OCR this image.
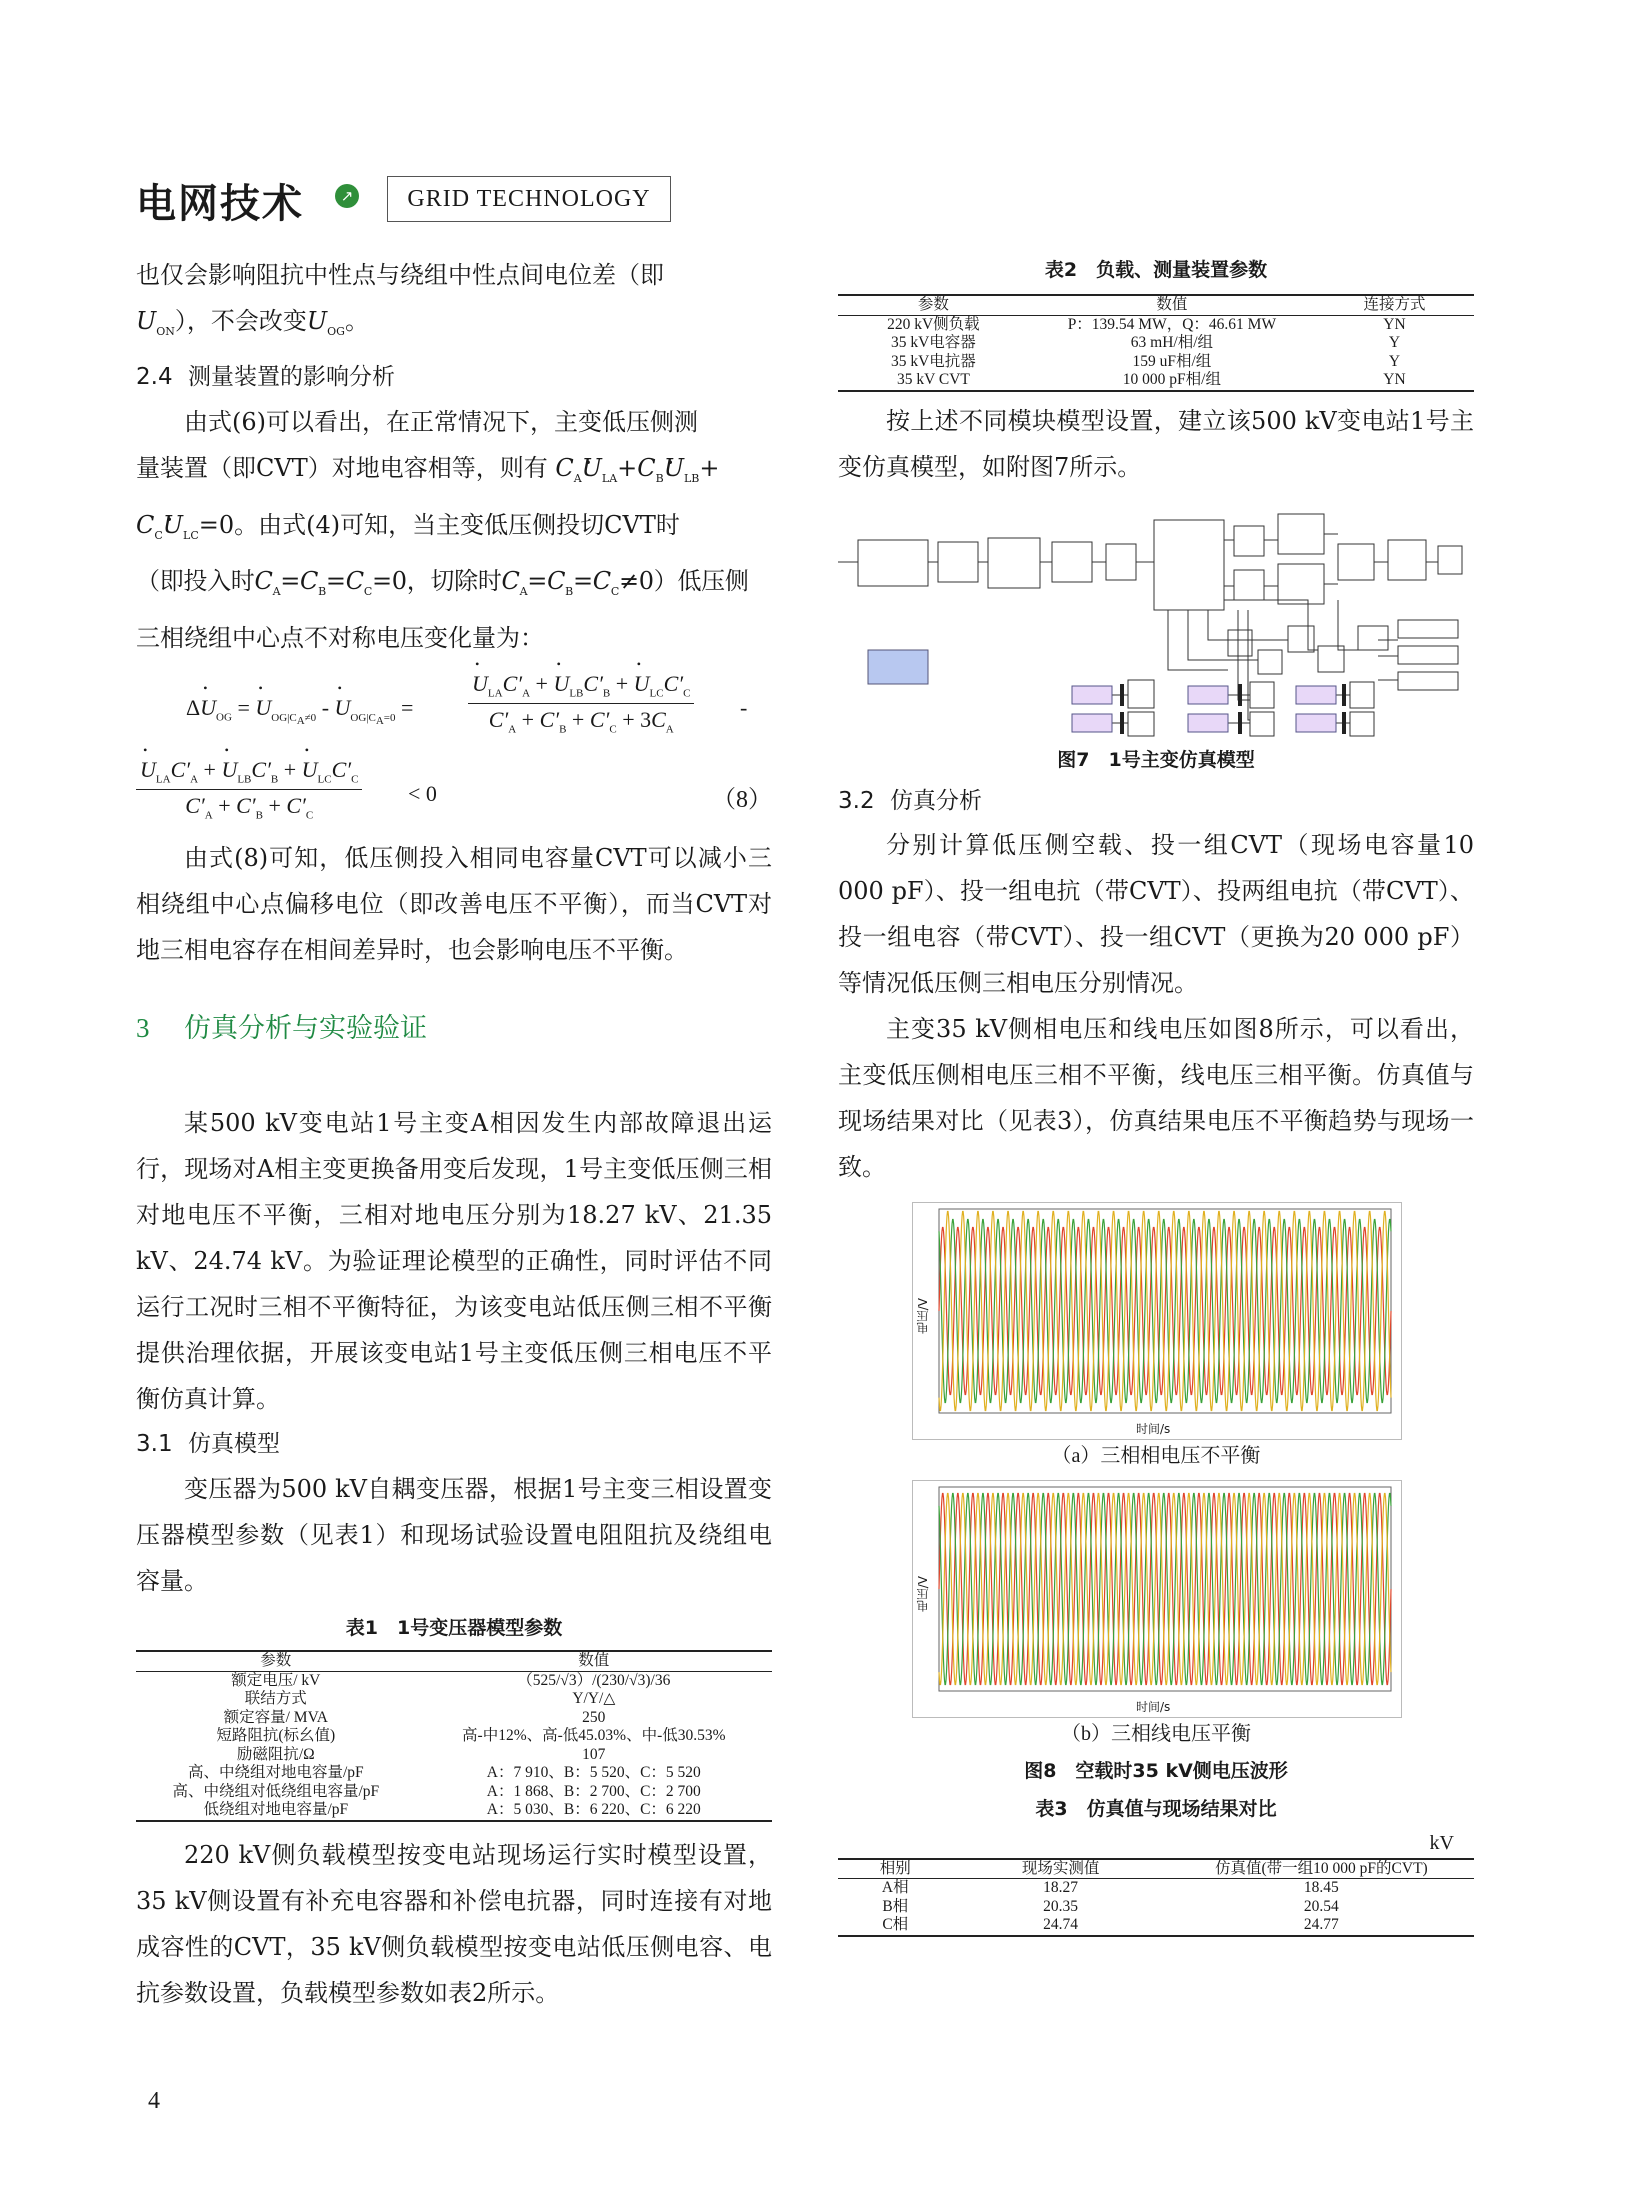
电网技术	↗	GRID TECHNOLOGY

也仅会影响阻抗中性点与绕组中性点间电位差（即

$U_{ON}$），不会改变$U_{OG}$。

2.4 测量装置的影响分析

由式(6)可以看出，在正常情况下，主变低压侧测

量装置（即CVT）对地电容相等，则有 $C_A•$ $U_{LA}+C_B•$ $U_{LB}+$

$C_C•$ $U_{LC}=0$。由式(4)可知，当主变低压侧投切CVT时

（即投入时$C_A=C_B=C_C=0$，切除时$C_A=C_B=C_C\ne 0$）低压侧

三相绕组中心点不对称电压变化量为：

Δ• $U_{OG}$ = • $U_{OG|C_A\ne 0}$ - • $U_{OG|C_A=0}$ =
• $U_{LA}C'_A$ + • $U_{LB}C'_B$ + • $U_{LC}C'_C$
$C'_A + C'_B + C'_C + 3C_A$
-
• $U_{LA}C'_A$ + • $U_{LB}C'_B$ + • $U_{LC}C'_C$
$C'_A + C'_B + C'_C$
< 0	（8）

由式(8)可知，低压侧投入相同电容量CVT可以减小三相绕组中心点偏移电位（即改善电压不平衡），而当CVT对地三相电容存在相间差异时，也会影响电压不平衡。

3 仿真分析与实验验证

某500 kV变电站1号主变A相因发生内部故障退出运行，现场对A相主变更换备用变后发现，1号主变低压侧三相对地电压不平衡，三相对地电压分别为18.27 kV、21.35 kV、24.74 kV。为验证理论模型的正确性，同时评估不同运行工况时三相不平衡特征，为该变电站低压侧三相不平衡提供治理依据，开展该变电站1号主变低压侧三相电压不平衡仿真计算。

3.1 仿真模型

变压器为500 kV自耦变压器，根据1号主变三相设置变压器模型参数（见表1）和现场试验设置电阻阻抗及绕组电容量。

表1　1号变压器模型参数
参数	数值
额定电压/ kV	（525/√3）/(230/√3)/36
联结方式	Y/Y/△
额定容量/ MVA	250
短路阻抗(标幺值)	高-中12%、高-低45.03%、中-低30.53%
励磁阻抗/Ω	107
高、中绕组对地电容量/pF	A：7 910、B：5 520、C：5 520
高、中绕组对低绕组电容量/pF	A：1 868、B：2 700、C：2 700
低绕组对地电容量/pF	A：5 030、B：6 220、C：6 220

220 kV侧负载模型按变电站现场运行实时模型设置，35 kV侧设置有补充电容器和补偿电抗器，同时连接有对地成容性的CVT，35 kV侧负载模型按变电站低压侧电容、电抗参数设置，负载模型参数如表2所示。

表2　负载、测量装置参数
参数	数值	连接方式
220 kV侧负载	P：139.54 MW，Q：46.61 MW	YN
35 kV电容器	63 mH/相/组	Y
35 kV电抗器	159 uF相/组	Y
35 kV CVT	10 000 pF相/组	YN

按上述不同模块模型设置，建立该500 kV变电站1号主变仿真模型，如附图7所示。

图7　1号主变仿真模型
3.2 仿真分析

分别计算低压侧空载、投一组CVT（现场电容量10 000 pF）、投一组电抗（带CVT）、投两组电抗（带CVT）、投一组电容（带CVT）、投一组CVT（更换为20 000 pF）等情况低压侧三相电压分别情况。

主变35 kV侧相电压和线电压如图8所示，可以看出，主变低压侧相电压三相不平衡，线电压三相平衡。仿真值与现场结果对比（见表3），仿真结果电压不平衡趋势与现场一致。

电压/V
时间/s
（a）三相相电压不平衡
电压/V
时间/s
（b）三相线电压平衡
图8　空载时35 kV侧电压波形
表3　仿真值与现场结果对比
kV
相别	现场实测值	仿真值(带一组10 000 pF的CVT)
A相	18.27	18.45
B相	20.35	20.54
C相	24.74	24.77
4
